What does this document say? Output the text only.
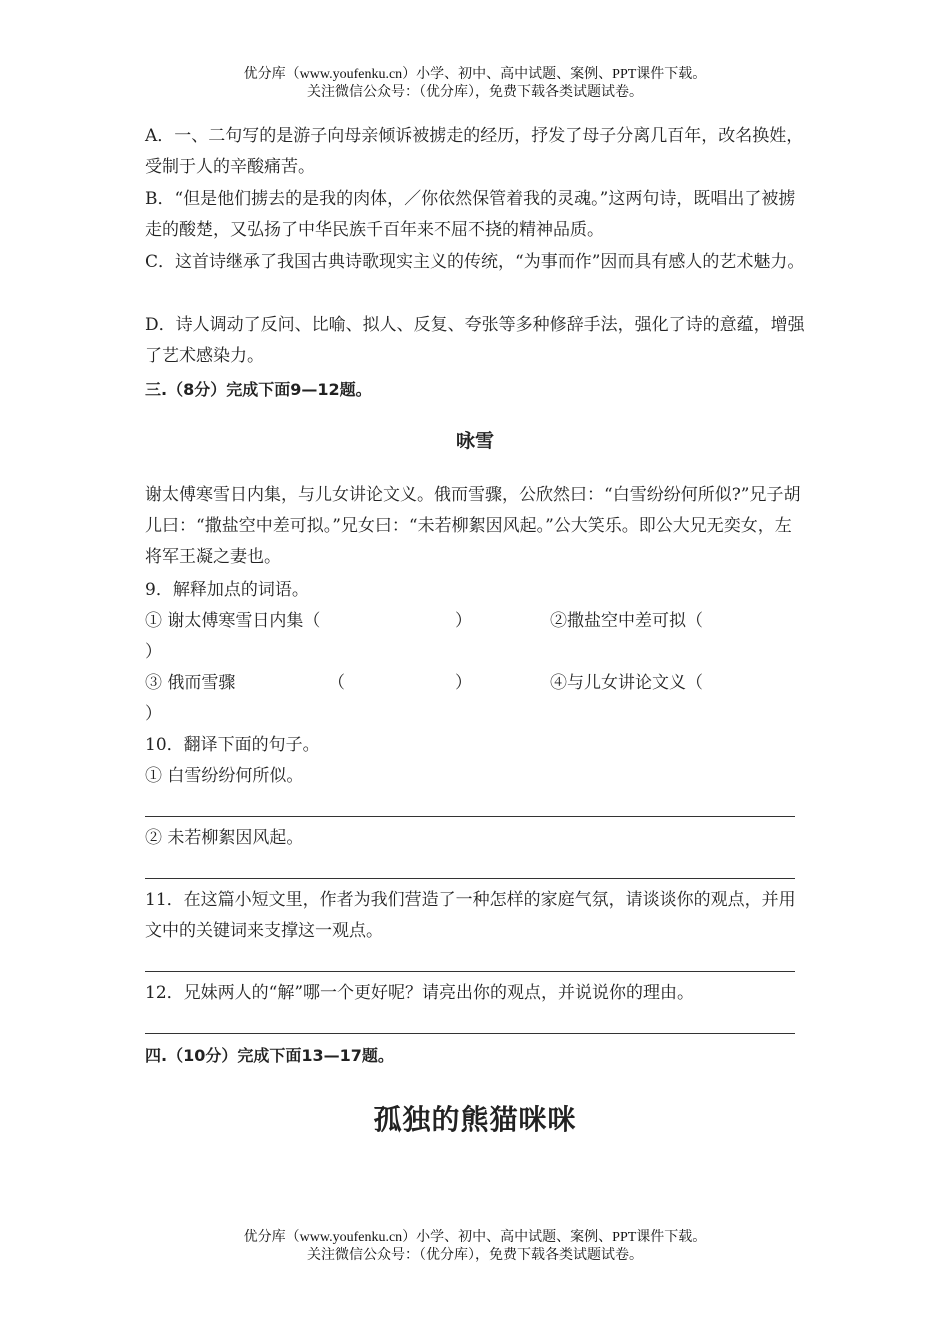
优分库（www.youfenku.cn）小学、初中、高中试题、案例、PPT课件下载。
关注微信公众号：（优分库），免费下载各类试题试卷。
A．一、二句写的是游子向母亲倾诉被掳走的经历，抒发了母子分离几百年，改名换姓，受制于人的辛酸痛苦。
B．“但是他们掳去的是我的肉体，／你依然保管着我的灵魂。”这两句诗，既唱出了被掳走的酸楚，又弘扬了中华民族千百年来不屈不挠的精神品质。
C．这首诗继承了我国古典诗歌现实主义的传统，“为事而作”因而具有感人的艺术魅力。
D．诗人调动了反问、比喻、拟人、反复、夸张等多种修辞手法，强化了诗的意蕴，增强了艺术感染力。
三.（8分）完成下面9—12题。
咏雪
谢太傅寒雪日内集，与儿女讲论文义。俄而雪骤，公欣然曰：“白雪纷纷何所似?”兄子胡儿曰：“撒盐空中差可拟。”兄女曰：“未若柳絮因风起。”公大笑乐。即公大兄无奕女，左将军王凝之妻也。
9．解释加点的词语。
① 谢太傅寒雪日内集（	）	②撒盐空中差可拟（
）
③ 俄而雪骤	（	）	④与儿女讲论文义（
）
10．翻译下面的句子。
① 白雪纷纷何所似。
② 未若柳絮因风起。
11．在这篇小短文里，作者为我们营造了一种怎样的家庭气氛，请谈谈你的观点，并用文中的关键词来支撑这一观点。
12．兄妹两人的“解”哪一个更好呢？请亮出你的观点，并说说你的理由。
四.（10分）完成下面13—17题。
孤独的熊猫咪咪
优分库（www.youfenku.cn）小学、初中、高中试题、案例、PPT课件下载。
关注微信公众号：（优分库），免费下载各类试题试卷。
